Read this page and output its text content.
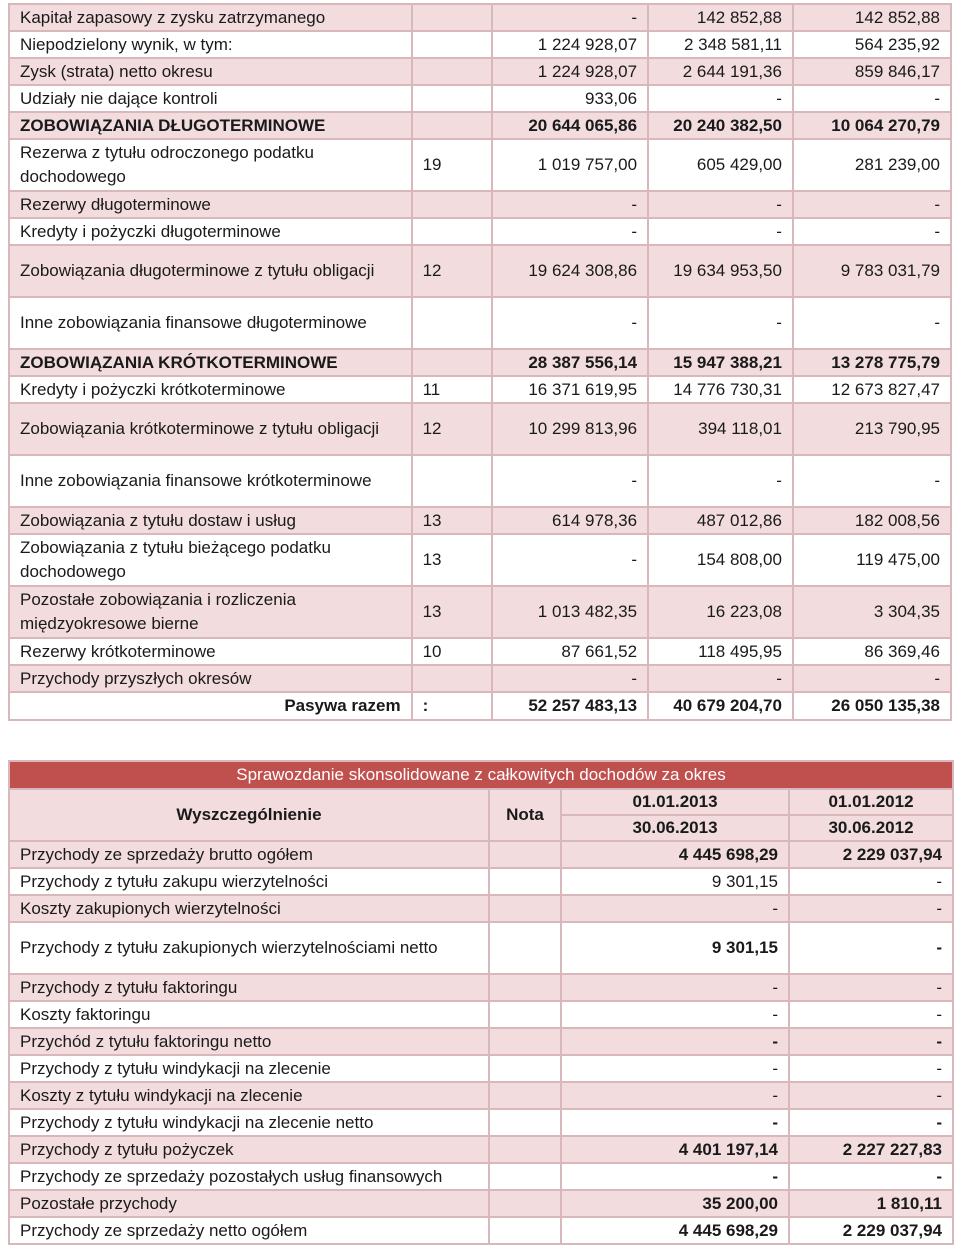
Kapitał zapasowy z zysku zatrzymanego		-	142 852,88	142 852,88
Niepodzielony wynik, w tym:		1 224 928,07	2 348 581,11	564 235,92
Zysk (strata) netto okresu		1 224 928,07	2 644 191,36	859 846,17
Udziały nie dające kontroli		933,06	-	-
ZOBOWIĄZANIA DŁUGOTERMINOWE		20 644 065,86	20 240 382,50	10 064 270,79
Rezerwa z tytułu odroczonego podatku dochodowego	19	1 019 757,00	605 429,00	281 239,00
Rezerwy długoterminowe		-	-	-
Kredyty i pożyczki długoterminowe		-	-	-
Zobowiązania długoterminowe z tytułu obligacji	12	19 624 308,86	19 634 953,50	9 783 031,79
Inne zobowiązania finansowe długoterminowe		-	-	-
ZOBOWIĄZANIA KRÓTKOTERMINOWE		28 387 556,14	15 947 388,21	13 278 775,79
Kredyty i pożyczki krótkoterminowe	11	16 371 619,95	14 776 730,31	12 673 827,47
Zobowiązania krótkoterminowe z tytułu obligacji	12	10 299 813,96	394 118,01	213 790,95
Inne zobowiązania finansowe krótkoterminowe		-	-	-
Zobowiązania z tytułu dostaw i usług	13	614 978,36	487 012,86	182 008,56
Zobowiązania z tytułu bieżącego podatku dochodowego	13	-	154 808,00	119 475,00
Pozostałe zobowiązania i rozliczenia międzyokresowe bierne	13	1 013 482,35	16 223,08	3 304,35
Rezerwy krótkoterminowe	10	87 661,52	118 495,95	86 369,46
Przychody przyszłych okresów		-	-	-
Pasywa razem	:	52 257 483,13	40 679 204,70	26 050 135,38
Sprawozdanie skonsolidowane z całkowitych dochodów za okres			
Wyszczególnienie	Nota	01.01.2013	01.01.2012
		30.06.2013	30.06.2012
Przychody ze sprzedaży brutto ogółem		4 445 698,29	2 229 037,94
Przychody z tytułu zakupu wierzytelności		9 301,15	-
Koszty zakupionych wierzytelności		-	-
Przychody z tytułu zakupionych wierzytelnościami netto		9 301,15	-
Przychody z tytułu faktoringu		-	-
Koszty faktoringu		-	-
Przychód z tytułu faktoringu netto		-	-
Przychody z tytułu windykacji na zlecenie		-	-
Koszty z tytułu windykacji na zlecenie		-	-
Przychody z tytułu windykacji na zlecenie netto		-	-
Przychody z tytułu pożyczek		4 401 197,14	2 227 227,83
Przychody ze sprzedaży pozostałych usług finansowych		-	-
Pozostałe przychody		35 200,00	1 810,11
Przychody ze sprzedaży netto ogółem		4 445 698,29	2 229 037,94
